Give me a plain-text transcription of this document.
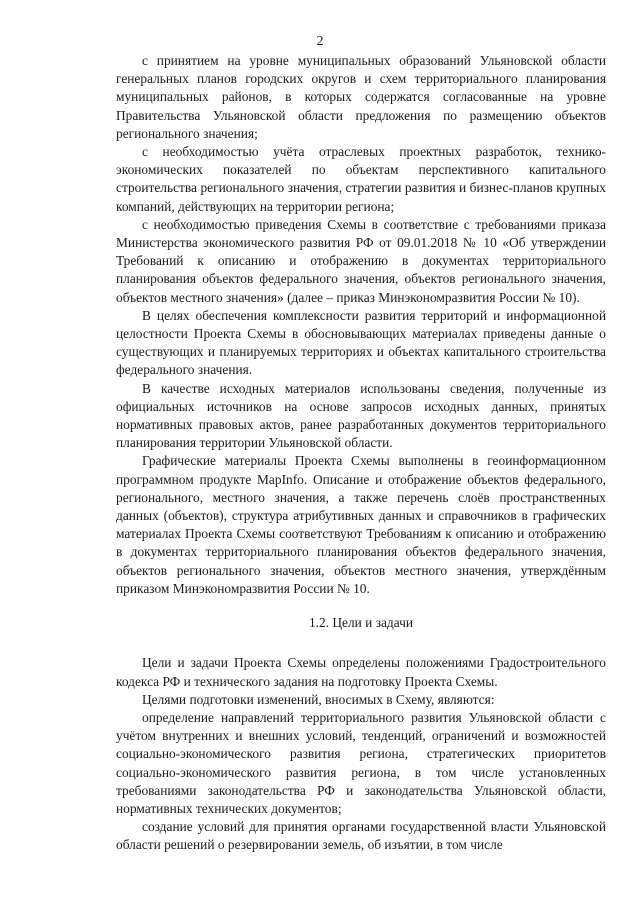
2

с принятием на уровне муниципальных образований Ульяновской области генеральных планов городских округов и схем территориального планирования муниципальных районов, в которых содержатся согласованные на уровне Правительства Ульяновской области предложения по размещению объектов регионального значения;

с необходимостью учёта отраслевых проектных разработок, технико-экономических показателей по объектам перспективного капитального строительства регионального значения, стратегии развития и бизнес-планов крупных компаний, действующих на территории региона;

с необходимостью приведения Схемы в соответствие с требованиями приказа Министерства экономического развития РФ от 09.01.2018 № 10 «Об утверждении Требований к описанию и отображению в документах территориального планирования объектов федерального значения, объектов регионального значения, объектов местного значения» (далее – приказ Минэкономразвития России № 10).

В целях обеспечения комплексности развития территорий и информационной целостности Проекта Схемы в обосновывающих материалах приведены данные о существующих и планируемых территориях и объектах капитального строительства федерального значения.

В качестве исходных материалов использованы сведения, полученные из официальных источников на основе запросов исходных данных, принятых нормативных правовых актов, ранее разработанных документов территориального планирования территории Ульяновской области.

Графические материалы Проекта Схемы выполнены в геоинформационном программном продукте MapInfo. Описание и отображение объектов федерального, регионального, местного значения, а также перечень слоёв пространственных данных (объектов), структура атрибутивных данных и справочников в графических материалах Проекта Схемы соответствуют Требованиям к описанию и отображению в документах территориального планирования объектов федерального значения, объектов регионального значения, объектов местного значения, утверждённым приказом Минэкономразвития России № 10.

1.2. Цели и задачи

Цели и задачи Проекта Схемы определены положениями Градостроительного кодекса РФ и технического задания на подготовку Проекта Схемы.

Целями подготовки изменений, вносимых в Схему, являются:

определение направлений территориального развития Ульяновской области с учётом внутренних и внешних условий, тенденций, ограничений и возможностей социально-экономического развития региона, стратегических приоритетов социально-экономического развития региона, в том числе установленных требованиями законодательства РФ и законодательства Ульяновской области, нормативных технических документов;

создание условий для принятия органами государственной власти Ульяновской области решений о резервировании земель, об изъятии, в том числе
